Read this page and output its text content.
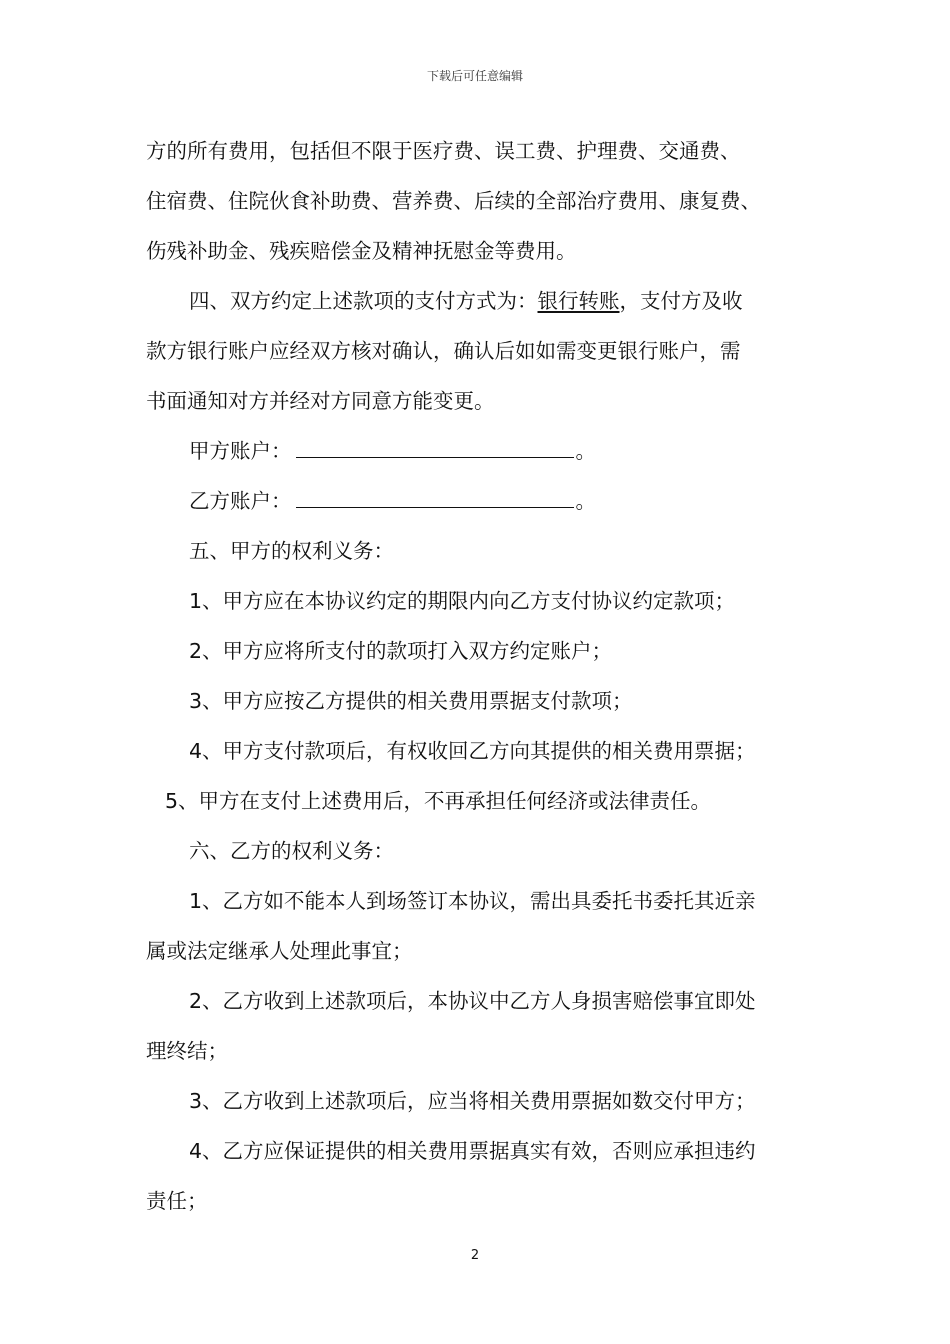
下载后可任意编辑
方的所有费用，包括但不限于医疗费、误工费、护理费、交通费、
住宿费、住院伙食补助费、营养费、后续的全部治疗费用、康复费、
伤残补助金、残疾赔偿金及精神抚慰金等费用。
四、双方约定上述款项的支付方式为：银行转账，支付方及收
款方银行账户应经双方核对确认，确认后如如需变更银行账户，需
书面通知对方并经对方同意方能变更。
甲方账户：	。
乙方账户：	。
五、甲方的权利义务：
1、甲方应在本协议约定的期限内向乙方支付协议约定款项；
2、甲方应将所支付的款项打入双方约定账户；
3、甲方应按乙方提供的相关费用票据支付款项；
4、甲方支付款项后，有权收回乙方向其提供的相关费用票据；
5、甲方在支付上述费用后，不再承担任何经济或法律责任。
六、乙方的权利义务：
1、乙方如不能本人到场签订本协议，需出具委托书委托其近亲
属或法定继承人处理此事宜；
2、乙方收到上述款项后，本协议中乙方人身损害赔偿事宜即处
理终结；
3、乙方收到上述款项后，应当将相关费用票据如数交付甲方；
4、乙方应保证提供的相关费用票据真实有效，否则应承担违约
责任；
2
